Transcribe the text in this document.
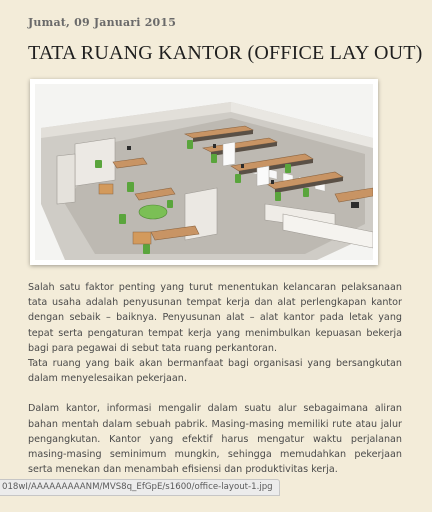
Jumat, 09 Januari 2015
TATA RUANG KANTOR (OFFICE LAY OUT)

Salah satu faktor penting yang turut menentukan kelancaran pelaksanaan tata usaha adalah penyusunan tempat kerja dan alat perlengkapan kantor dengan sebaik – baiknya. Penyusunan alat – alat kantor pada letak yang tepat serta pengaturan tempat kerja yang menimbulkan kepuasan bekerja bagi para pegawai di sebut tata ruang perkantoran.

Tata ruang yang baik akan bermanfaat bagi organisasi yang bersangkutan dalam menyelesaikan pekerjaan.

Dalam kantor, informasi mengalir dalam suatu alur sebagaimana aliran bahan mentah dalam sebuah pabrik. Masing-masing memiliki rute atau jalur pengangkutan. Kantor yang efektif harus mengatur waktu perjalanan masing-masing seminimum mungkin, sehingga memudahkan pekerjaan serta menekan dan menambah efisiensi dan produktivitas kerja.

018wI/AAAAAAAAANM/MVS8q_EfGpE/s1600/office-layout-1.jpg
